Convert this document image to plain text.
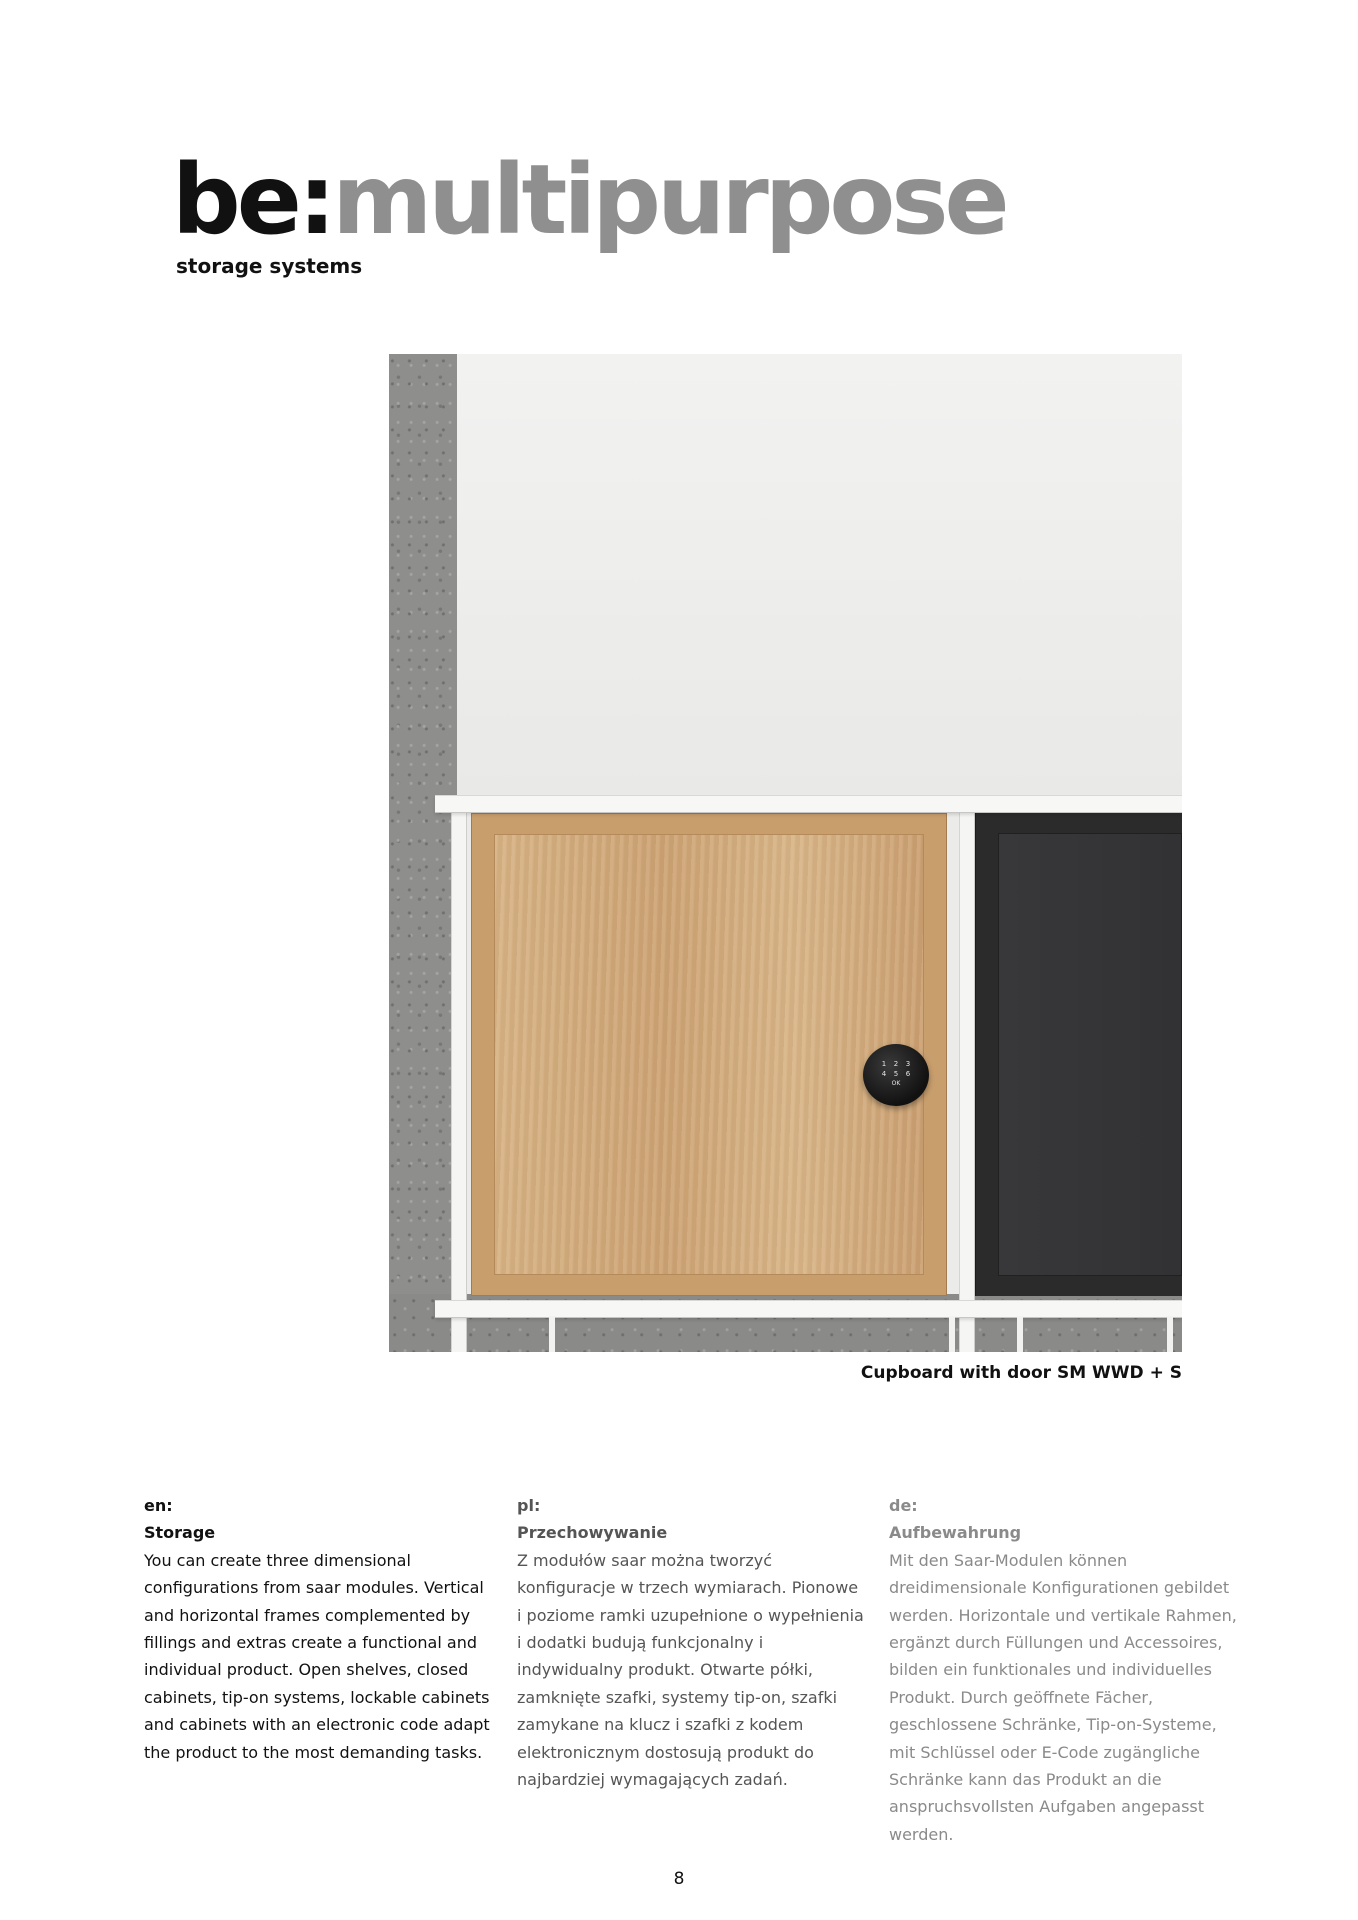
be:multipurpose
storage systems
1	2	3
4	5	6
OK
Cupboard with door SM WWD + S
en:
Storage
You can create three dimensional configurations from saar modules. Vertical and horizontal frames complemented by fillings and extras create a functional and individual product. Open shelves, closed cabinets, tip-on systems, lockable cabinets and cabinets with an electronic code adapt the product to the most demanding tasks.
pl:
Przechowywanie
Z modułów saar można tworzyć konfiguracje w trzech wymiarach. Pionowe i poziome ramki uzupełnione o wypełnienia i dodatki budują funkcjonalny i indywidualny produkt. Otwarte półki, zamknięte szafki, systemy tip-on, szafki zamykane na klucz i szafki z kodem elektronicznym dostosują produkt do najbardziej wymagających zadań.
de:
Aufbewahrung
Mit den Saar-Modulen können dreidimensionale Konfigurationen gebildet werden. Horizontale und vertikale Rahmen, ergänzt durch Füllungen und Accessoires, bilden ein funktionales und individuelles Produkt. Durch geöffnete Fächer, geschlossene Schränke, Tip-on-Systeme, mit Schlüssel oder E-Code zugängliche Schränke kann das Produkt an die anspruchsvollsten Aufgaben angepasst werden.
8
